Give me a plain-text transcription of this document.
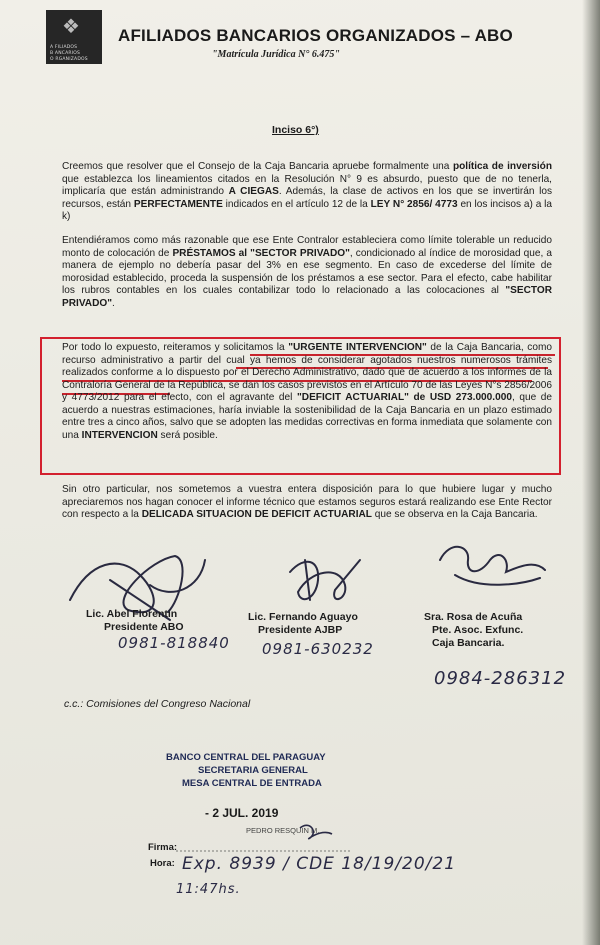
❖
A FILIADOS
B ANCARIOS
O RGANIZADOS
AFILIADOS BANCARIOS ORGANIZADOS – ABO
"Matrícula Jurídica N° 6.475"
Inciso 6°)
Creemos que resolver que el Consejo de la Caja Bancaria apruebe formalmente una política de inversión que establezca los lineamientos citados en la Resolución N° 9 es absurdo, puesto que de no tenerla, implicaría que están administrando A CIEGAS. Además, la clase de activos en los que se invertirán los recursos, están PERFECTAMENTE indicados en el artículo 12 de la LEY N° 2856/ 4773 en los incisos a) a la k)
Entendiéramos como más razonable que ese Ente Contralor estableciera como límite tolerable un reducido monto de colocación de PRÉSTAMOS al "SECTOR PRIVADO", condicionado al índice de morosidad que, a manera de ejemplo no debería pasar del 3% en ese segmento. En caso de excederse del límite de morosidad establecido, proceda la suspensión de los préstamos a ese sector. Para el efecto, cabe habilitar los rubros contables en los cuales contabilizar todo lo relacionado a las colocaciones al "SECTOR PRIVADO".
Por todo lo expuesto, reiteramos y solicitamos la "URGENTE INTERVENCION" de la Caja Bancaria, como recurso administrativo a partir del cual ya hemos de considerar agotados nuestros numerosos trámites realizados conforme a lo dispuesto por el Derecho Administrativo, dado que de acuerdo a los informes de la Contraloría General de la República, se dan los casos previstos en el Artículo 70 de las Leyes N°s 2856/2006 y 4773/2012 para el efecto, con el agravante del "DEFICIT ACTUARIAL" de USD 273.000.000, que de acuerdo a nuestras estimaciones, haría inviable la sostenibilidad de la Caja Bancaria en un plazo estimado entre tres a cinco años, salvo que se adopten las medidas correctivas en forma inmediata que solamente con una INTERVENCION será posible.
Sin otro particular, nos sometemos a vuestra entera disposición para lo que hubiere lugar y mucho apreciaremos nos hagan conocer el informe técnico que estamos seguros estará realizando ese Ente Rector con respecto a la DELICADA SITUACION DE DEFICIT ACTUARIAL que se observa en la Caja Bancaria.
Lic. Abel Florentín
Presidente ABO
0981-818840
Lic. Fernando Aguayo
Presidente AJBP
0981-630232
Sra. Rosa de Acuña
Pte. Asoc. Exfunc.
Caja Bancaria.
0984-286312
c.c.: Comisiones del Congreso Nacional
BANCO CENTRAL DEL PARAGUAY
SECRETARIA GENERAL
MESA CENTRAL DE ENTRADA
- 2 JUL. 2019
PEDRO RESQUIN M.
Firma:
Hora: Exp. 8939 / CDE 18/19/20/21
11:47hs.
